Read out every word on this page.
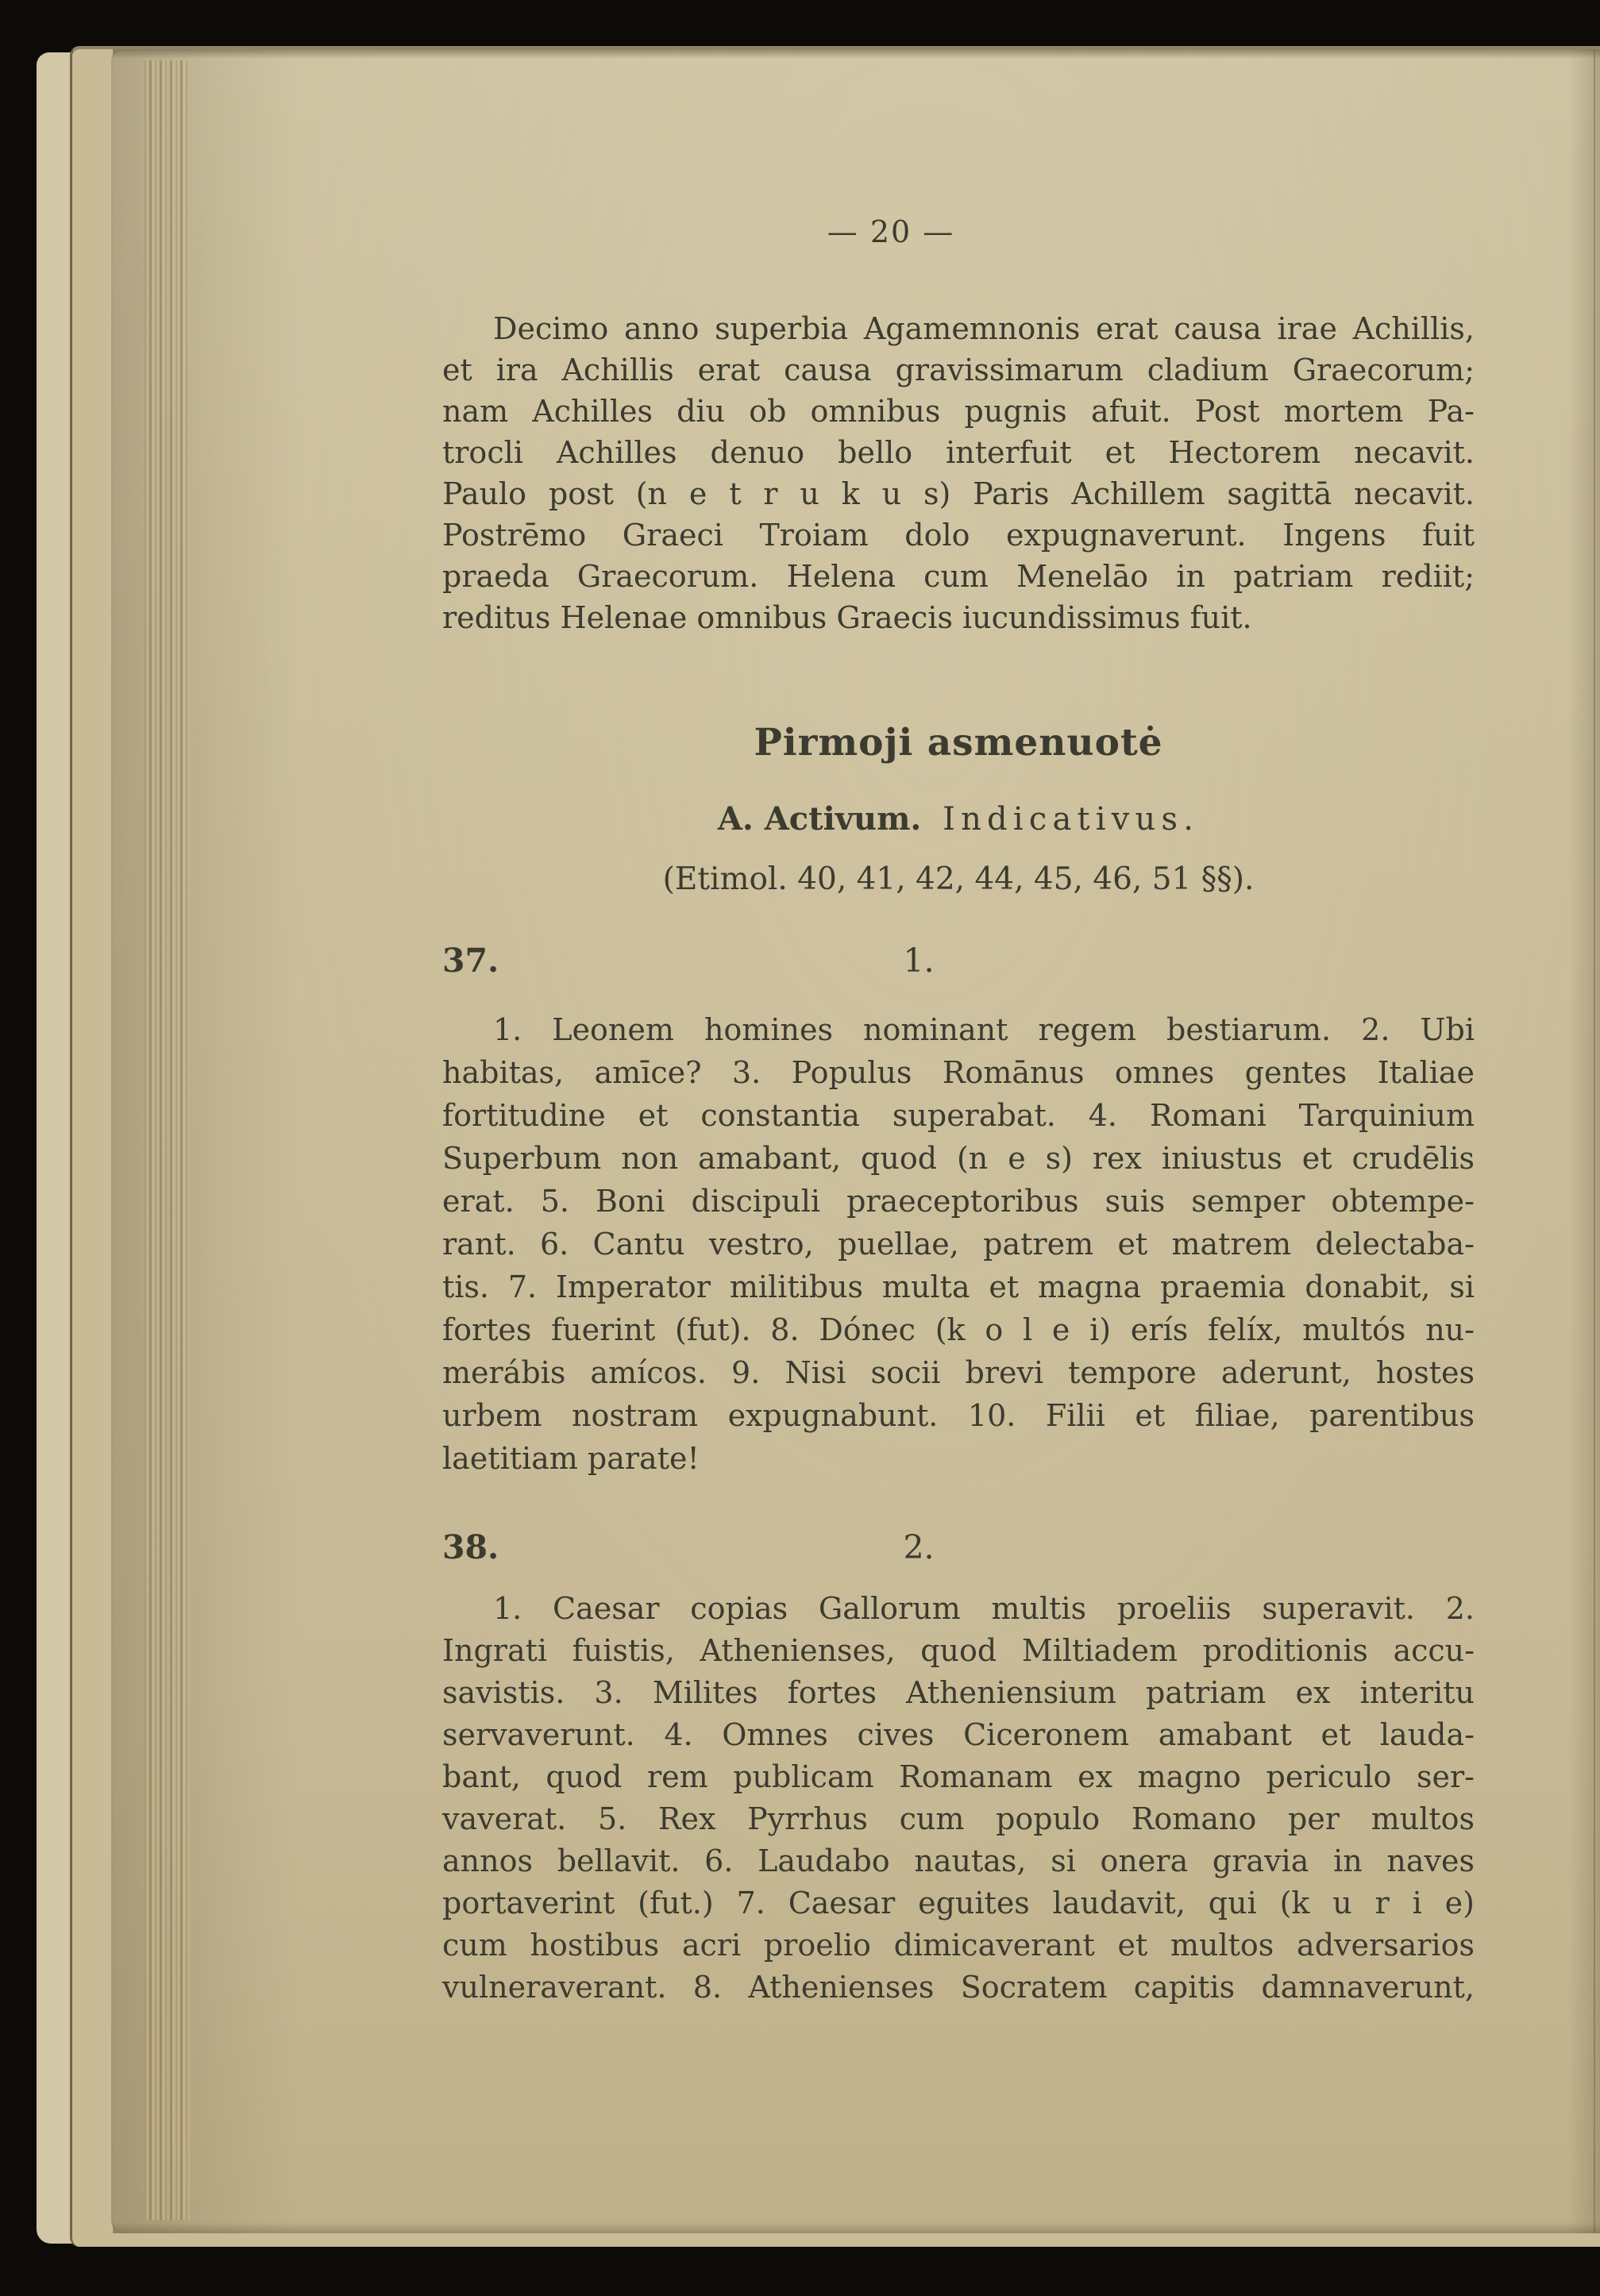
— 20 —
Decimo anno superbia Agamemnonis erat causa irae Achillis,
et ira Achillis erat causa gravissimarum cladium Graecorum;
nam Achilles diu ob omnibus pugnis afuit. Post mortem Pa-
trocli Achilles denuo bello interfuit et Hectorem necavit.
Paulo post (n e t r u k u s) Paris Achillem sagittā necavit.
Postrēmo Graeci Troiam dolo expugnaverunt. Ingens fuit
praeda Graecorum. Helena cum Menelāo in patriam rediit;
reditus Helenae omnibus Graecis iucundissimus fuit.
Pirmoji asmenuotė
A. Activum. Indicativus.
(Etimol. 40, 41, 42, 44, 45, 46, 51 §§).
37.	1.
1. Leonem homines nominant regem bestiarum. 2. Ubi
habitas, amīce? 3. Populus Romānus omnes gentes Italiae
fortitudine et constantia superabat. 4. Romani Tarquinium
Superbum non amabant, quod (n e s) rex iniustus et crudēlis
erat. 5. Boni discipuli praeceptoribus suis semper obtempe-
rant. 6. Cantu vestro, puellae, patrem et matrem delectaba-
tis. 7. Imperator militibus multa et magna praemia donabit, si
fortes fuerint (fut). 8. Dónec (k o l e i) erís felíx, multós nu-
merábis amícos. 9. Nisi socii brevi tempore aderunt, hostes
urbem nostram expugnabunt. 10. Filii et filiae, parentibus
laetitiam parate!
38.	2.
1. Caesar copias Gallorum multis proeliis superavit. 2.
Ingrati fuistis, Athenienses, quod Miltiadem proditionis accu-
savistis. 3. Milites fortes Atheniensium patriam ex interitu
servaverunt. 4. Omnes cives Ciceronem amabant et lauda-
bant, quod rem publicam Romanam ex magno periculo ser-
vaverat. 5. Rex Pyrrhus cum populo Romano per multos
annos bellavit. 6. Laudabo nautas, si onera gravia in naves
portaverint (fut.) 7. Caesar eguites laudavit, qui (k u r i e)
cum hostibus acri proelio dimicaverant et multos adversarios
vulneraverant. 8. Athenienses Socratem capitis damnaverunt,
